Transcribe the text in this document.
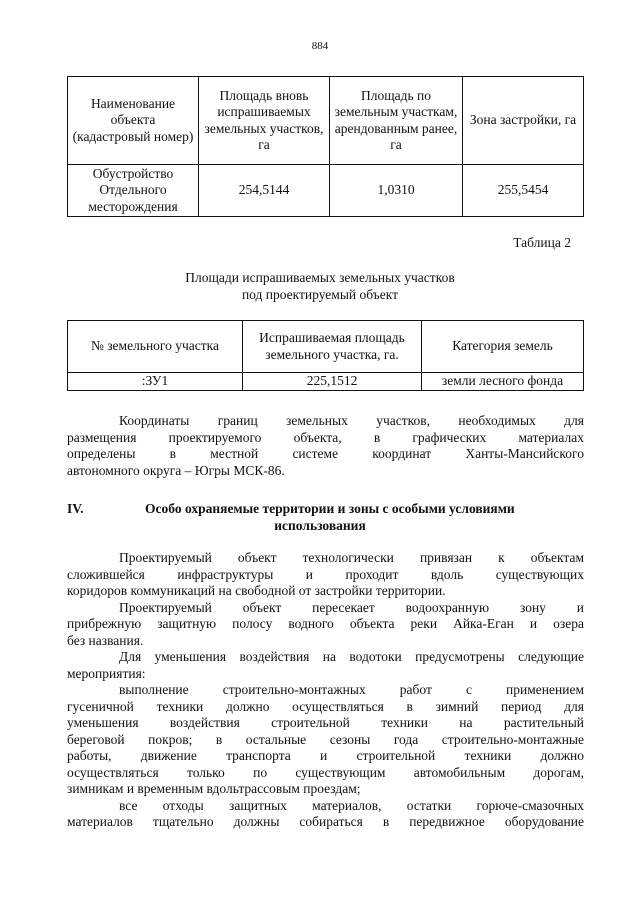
884
Наименование объекта (кадастровый номер)	Площадь вновь испрашиваемых земельных участков, га	Площадь по земельным участкам, арендованным ранее, га	Зона застройки, га
Обустройство Отдельного месторождения	254,5144	1,0310	255,5454
Таблица 2
Площади испрашиваемых земельных участков
под проектируемый объект
№ земельного участка	Испрашиваемая площадь земельного участка, га.	Категория земель
:ЗУ1	225,1512	земли лесного фонда
Координаты границ земельных участков, необходимых для
размещения проектируемого объекта, в графических материалах
определены в местной системе координат Ханты-Мансийского
автономного округа – Югры МСК-86.
IV.	Особо охраняемые территории и зоны с особыми условиями
использования
Проектируемый объект технологически привязан к объектам
сложившейся инфраструктуры и проходит вдоль существующих
коридоров коммуникаций на свободной от застройки территории.
Проектируемый объект пересекает водоохранную зону и
прибрежную защитную полосу водного объекта реки Айка-Еган и озера
без названия.
Для уменьшения воздействия на водотоки предусмотрены следующие
мероприятия:
выполнение строительно-монтажных работ с применением
гусеничной техники должно осуществляться в зимний период для
уменьшения воздействия строительной техники на растительный
береговой покров; в остальные сезоны года строительно-монтажные
работы, движение транспорта и строительной техники должно
осуществляться только по существующим автомобильным дорогам,
зимникам и временным вдольтрассовым проездам;
все отходы защитных материалов, остатки горюче-смазочных
материалов тщательно должны собираться в передвижное оборудование
